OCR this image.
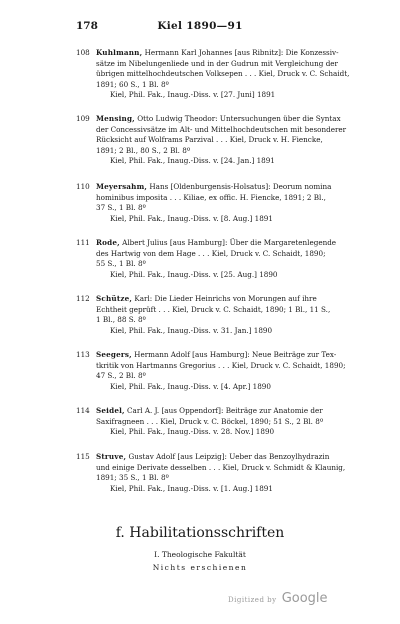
178	Kiel 1890—91
108 Kuhlmann, Hermann Karl Johannes [aus Ribnitz]: Die Konzessiv-
sätze im Nibelungenliede und in der Gudrun mit Vergleichung der
übrigen mittelhochdeutschen Volksepen . . . Kiel, Druck v. C. Schaidt,
1891; 60 S., 1 Bl. 8º
Kiel, Phil. Fak., Inaug.-Diss. v. [27. Juni] 1891
109 Mensing, Otto Ludwig Theodor: Untersuchungen über die Syntax
der Concessivsätze im Alt- und Mittelhochdeutschen mit besonderer
Rücksicht auf Wolframs Parzival . . . Kiel, Druck v. H. Fiencke,
1891; 2 Bl., 80 S., 2 Bl. 8º
Kiel, Phil. Fak., Inaug.-Diss. v. [24. Jan.] 1891
110 Meyersahm, Hans [Oldenburgensis-Holsatus]: Deorum nomina
hominibus imposita . . . Kiliae, ex offic. H. Fiencke, 1891; 2 Bl.,
37 S., 1 Bl. 8º
Kiel, Phil. Fak., Inaug.-Diss. v. [8. Aug.] 1891
111 Rode, Albert Julius [aus Hamburg]: Über die Margaretenlegende
des Hartwig von dem Hage . . . Kiel, Druck v. C. Schaidt, 1890;
55 S., 1 Bl. 8º
Kiel, Phil. Fak., Inaug.-Diss. v. [25. Aug.] 1890
112 Schütze, Karl: Die Lieder Heinrichs von Morungen auf ihre
Echtheit geprüft . . . Kiel, Druck v. C. Schaidt, 1890; 1 Bl., 11 S.,
1 Bl., 88 S. 8º
Kiel, Phil. Fak., Inaug.-Diss. v. 31. Jan.] 1890
113 Seegers, Hermann Adolf [aus Hamburg]: Neue Beiträge zur Tex-
tkritik von Hartmanns Gregorius . . . Kiel, Druck v. C. Schaidt, 1890;
47 S., 2 Bl. 8º
Kiel, Phil. Fak., Inaug.-Diss. v. [4. Apr.] 1890
114 Seidel, Carl A. J. [aus Oppendorf]: Beiträge zur Anatomie der
Saxifragneen . . . Kiel, Druck v. C. Böckel, 1890; 51 S., 2 Bl. 8º
Kiel, Phil. Fak., Inaug.-Diss. v. 28. Nov.] 1890
115 Struve, Gustav Adolf [aus Leipzig]: Ueber das Benzoylhydrazin
und einige Derivate desselben . . . Kiel, Druck v. Schmidt & Klaunig,
1891; 35 S., 1 Bl. 8º
Kiel, Phil. Fak., Inaug.-Diss. v. [1. Aug.] 1891
f. Habilitationsschriften
I. Theologische Fakultät
Nichts erschienen
Digitized by Google
